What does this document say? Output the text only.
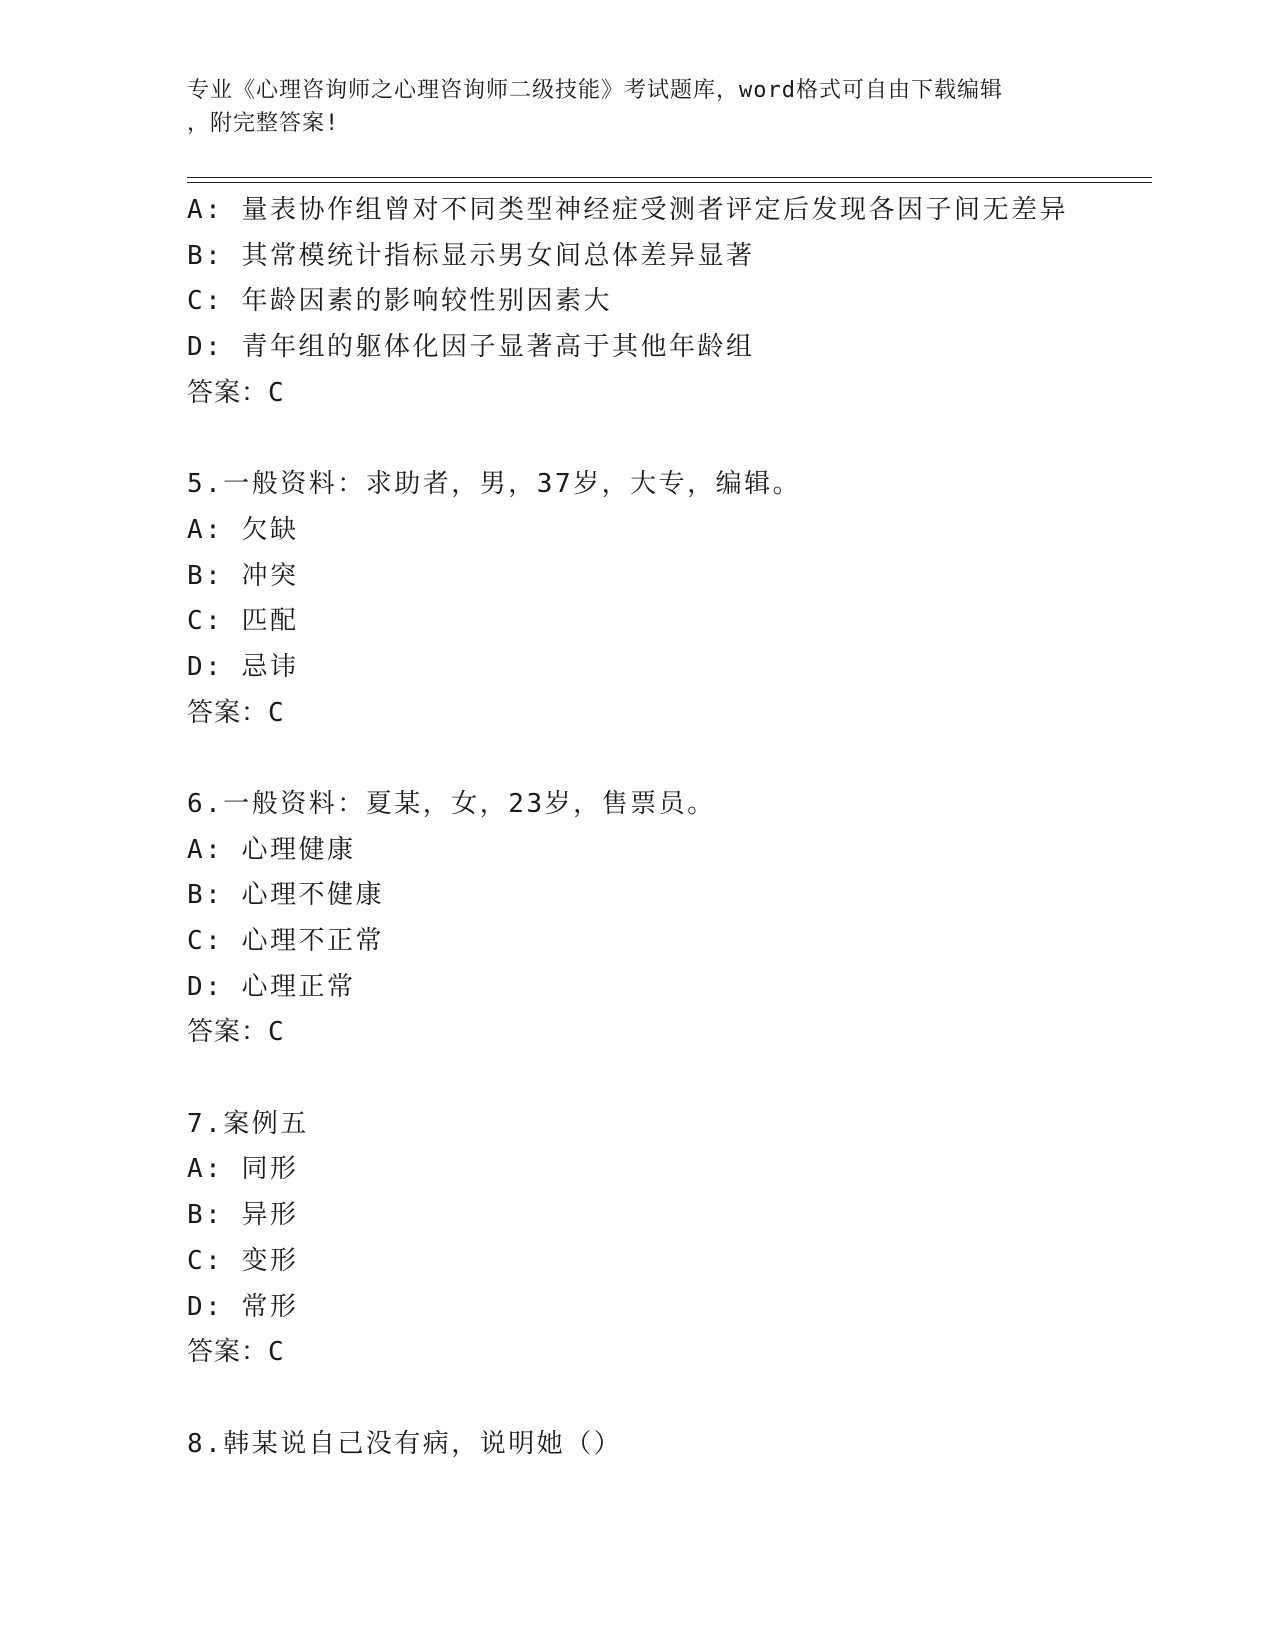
专业《心理咨询师之心理咨询师二级技能》考试题库，word格式可自由下载编辑
，附完整答案!
A: 量表协作组曾对不同类型神经症受测者评定后发现各因子间无差异
B: 其常模统计指标显示男女间总体差异显著
C: 年龄因素的影响较性别因素大
D: 青年组的躯体化因子显著高于其他年龄组
答案：C
5.一般资料：求助者，男，37岁，大专，编辑。
A: 欠缺
B: 冲突
C: 匹配
D: 忌讳
答案：C
6.一般资料：夏某，女，23岁，售票员。
A: 心理健康
B: 心理不健康
C: 心理不正常
D: 心理正常
答案：C
7.案例五
A: 同形
B: 异形
C: 变形
D: 常形
答案：C
8.韩某说自己没有病，说明她（）
